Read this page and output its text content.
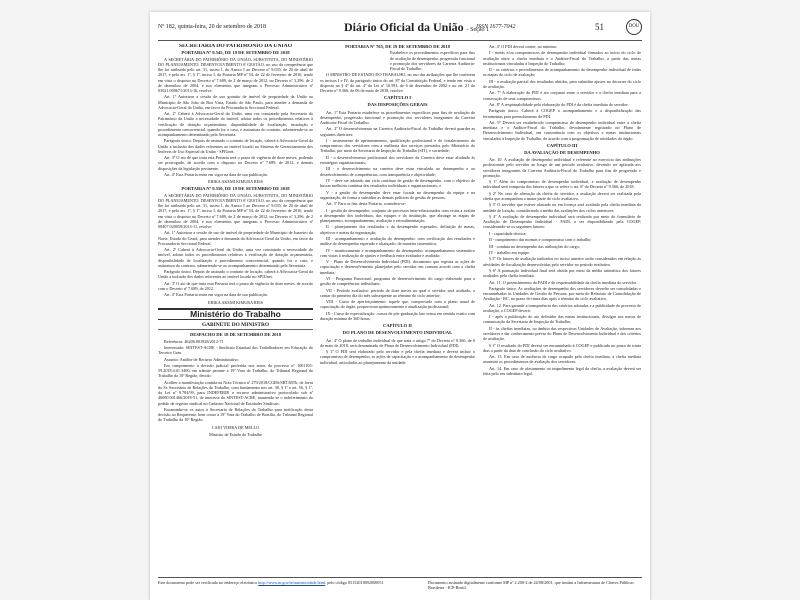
Nº 182, quinta-feira, 20 de setembro de 2018	Diário Oficial da União - Seção 1
ISSN 1677-7042	51	DOU

SECRETARIA DO PATRIMÔNIO DA UNIÃO

PORTARIA Nº 9.545, DE 19 DE SETEMBRO DE 2018

A SECRETÁRIA DO PATRIMÔNIO DA UNIÃO, SUBSTITUTA, DO MINISTÉRIO DO PLANEJAMENTO, DESENVOLVIMENTO E GESTÃO, no uso da competência que lhe foi atribuída pelo art. 31, inciso I, do Anexo I ao Decreto nº 9.035, de 20 de abril de 2017, e pelo art. 1º, § 1º, inciso I, da Portaria MP nº 54, de 22 de fevereiro de 2016, tendo em vista o disposto no Decreto nº 7.689, de 2 de março de 2012, no Decreto nº 3.296, de 2 de dezembro de 2004, e nos elementos que integram o Processo Administrativo nº 03021.000671/2013-16, resolve:

Art. 1º Autorizar a cessão de uso gratuito de imóvel de propriedade da União ao Município de São João da Boa Vista, Estado de São Paulo, para atender a demanda de Advocacia-Geral da União, em favor da Procuradoria Seccional Federal.

Art. 2º Caberá à Advocacia-Geral da União, uma vez constatado pela Secretaria do Patrimônio da União a necessidade do imóvel, adotar todos os procedimentos relativos à verificação de dotação orçamentária, disponibilidade de localização, instalação e procedimento concorrencial, quando for o caso, e assinatura do contrato, submetendo-se ao acompanhamento determinado pela Secretaria.

Parágrafo único. Depois de assinado o contrato de locação, caberá à Advocacia-Geral da União a inclusão dos dados referentes ao imóvel locado no Sistema de Gerenciamento dos Imóveis de Uso Especial da União - SPIUnet.

Art. 3º O ato de que trata esta Portaria terá o prazo de vigência de doze meses, podendo ser prorrogado, de acordo com o disposto no Decreto nº 7.689, de 2012, e demais disposições da legislação pertinente.

Art. 4º Esta Portaria entra em vigor na data de sua publicação.

ERIKA AKEMI KIMURA REIS

PORTARIA Nº 9.550, DE 19 DE SETEMBRO DE 2018

A SECRETÁRIA DO PATRIMÔNIO DA UNIÃO, SUBSTITUTA, DO MINISTÉRIO DO PLANEJAMENTO, DESENVOLVIMENTO E GESTÃO, no uso da competência que lhe foi atribuída pelo art. 31, inciso I, do Anexo I ao Decreto nº 9.035, de 20 de abril de 2017, e pelo art. 1º, § 1º, inciso I, da Portaria MP nº 54, de 22 de fevereiro de 2016, tendo em vista o disposto no Decreto nº 7.689, de 2 de março de 2012, no Decreto nº 3.296, de 2 de dezembro de 2004, e nos elementos que integram o Processo Administrativo nº 00407.020059/2013-11, resolve:

Art. 1º Autorizar a cessão de uso de imóvel de propriedade do Município de Juazeiro do Norte, Estado do Ceará, para atender a demanda da Advocacia-Geral da União, em favor da Procuradoria Seccional Federal.

Art. 2º Caberá à Advocacia-Geral da União, uma vez constatada a necessidade do imóvel, adotar todos os procedimentos relativos à verificação de dotação orçamentária, disponibilidade de localização e procedimento concorrencial, quando for o caso, e assinatura do contrato, submetendo-se ao acompanhamento determinado pela Secretaria.

Parágrafo único. Depois de assinado o contrato de locação, caberá à Advocacia-Geral da União a inclusão dos dados referentes ao imóvel locado no SPIUnet.

Art. 3º O ato de que trata esta Portaria terá o prazo de vigência de doze meses, de acordo com o Decreto nº 7.689, de 2012.

Art. 4º Esta Portaria entra em vigor na data de sua publicação.

ERIKA AKEMI KIMURA REIS

Ministério do Trabalho
GABINETE DO MINISTRO

DESPACHO DE 18 DE SETEMBRO DE 2018

Referência: 46206.001828/2012-71

Interessado: SINTEST-ACRE - Sindicato Estadual dos Trabalhadores em Educação do Terceiro Grau

Assunto: Análise de Recurso Administrativo

Em cumprimento à decisão judicial proferida nos autos do processo nº 1001105-59.2018.4.01.3400, em trâmite perante a 19ª Vara do Trabalho, do Tribunal Regional do Trabalho da 10ª Região, decido:

Acolher a manifestação contida na Nota Técnica nº 279/2018/CGRS/SRT/MTb, de lavra do Sr. Secretário de Relações do Trabalho, com fundamento nos art. 38, § 1º e art. 56, § 1º, da Lei nº 9.784/99, para INDEFERIR o recurso administrativo protocolado sob nº 46000.001466/2018-51, de interesse do SINTEST-ACRE, mantendo-se o indeferimento do pedido de registro sindical no Cadastro Nacional de Entidades Sindicais.

Encaminhe-se os autos à Secretaria de Relações do Trabalho para notificação desta decisão ao Requerente, bem como à 19ª Vara do Trabalho de Brasília, do Tribunal Regional do Trabalho da 10ª Região.

CAIO VIEIRA DE MELLO

Ministro de Estado do Trabalho

PORTARIA Nº 765, DE 19 DE SETEMBRO DE 2018

Estabelece os procedimentos específicos para fins de avaliação de desempenho, progressão funcional e promoção dos servidores da Carreira Auditoria-Fiscal do Trabalho.

O MINISTRO DE ESTADO DO TRABALHO, no uso das atribuições que lhe conferem os incisos I e IV, do parágrafo único do art. 87 da Constituição Federal, e tendo em vista o disposto no § 4º do art. 4º da Lei nº 10.593, de 6 de dezembro de 2002 e no art. 21 do Decreto nº 9.366, de 06 de maio de 2018, resolve:

CAPÍTULO I

DAS DISPOSIÇÕES GERAIS

Art. 1º Esta Portaria estabelece os procedimentos específicos para fins de avaliação de desempenho, progressão funcional e promoção dos servidores integrantes da Carreira Auditoria-Fiscal do Trabalho.

Art. 2º O desenvolvimento na Carreira Auditoria-Fiscal do Trabalho deverá guardar as seguintes diretrizes:

I - instrumento de aprimoramento, qualificação profissional e de fortalecimento do compromisso dos servidores com a melhoria dos serviços prestados pelo Ministério do Trabalho, por meio da Secretaria de Inspeção do Trabalho (SIT), e sociedade;

II - o desenvolvimento profissional dos servidores da Carreira deve estar alinhado às estratégias organizacionais;

III - o desenvolvimento na carreira deve estar vinculado ao desempenho e ao desenvolvimento de competências, com transparência e objetividade;

IV - deve ser adotado um ciclo contínuo de gestão de desempenho, com o objetivo de buscar melhoria contínua dos resultados individuais e organizacionais; e

V - a gestão do desempenho deve estar focada no desempenho da equipe e na organização, de forma a subsidiar as demais políticas de gestão de pessoas.

Art. 3º Para os fins desta Portaria, considera-se:

I - gestão do desempenho: conjunto de processos inter-relacionados com vistas a avaliar o desempenho dos indivíduos, das equipes e da instituição, que abrange as etapas de planejamento, acompanhamento, avaliação e retroalimentação;

II - planejamento dos resultados e do desempenho esperados: definição de metas, objetivos e metas da organização;

III - acompanhamento e avaliação do desempenho: com verificação dos resultados e análise do desempenho esperado e alcançado, de maneira sistemática;

IV - monitoramento e acompanhamento do desempenho: acompanhamento sistemático com vistas à realização de ajustes e feedback entre avaliador e avaliado;

V - Plano de Desenvolvimento Individual (PDI): documento que registra as ações de capacitação e desenvolvimento planejadas pelo servidor em comum acordo com a chefia imediata;

VI - Programa Funcional: programa de desenvolvimento do cargo elaborado para a gestão de competências individuais;

VII - Período avaliativo: período de doze meses no qual o servidor será avaliado, a contar do primeiro dia do mês subsequente ao término do ciclo anterior;

VIII - Curso de aperfeiçoamento: aquele que, comprovado com o plano anual de capacitação do órgão, proporciona aprimoramento e atualização profissional;

IX - Curso de especialização: cursos de pós-graduação lato sensu em sentido estrito com duração mínima de 360 horas;

CAPÍTULO II

DO PLANO DE DESENVOLVIMENTO INDIVIDUAL

Art. 4º O plano de trabalho individual de que trata o artigo 7º do Decreto nº 9.366, de 6 de maio de 2018, será denominado de Plano de Desenvolvimento Individual (PDI).

§ 1º O PDI será elaborado pelo servidor e pela chefia imediata e deverá incluir o compromisso de desempenho, as ações de capacitação e o acompanhamento do desempenho individual, articulados ao planejamento da unidade.

Art. 4º O PDI deverá conter, no mínimo:

I - metas e/ou compromissos de desempenho individual firmados ao início do ciclo de avaliação entre a chefia imediata e o Auditor-Fiscal do Trabalho, a partir das metas institucionais vinculadas à Inspeção do Trabalho;

II - os critérios e procedimentos de acompanhamento do desempenho individual de todas as etapas do ciclo de avaliação;

III - a avaliação parcial dos resultados obtidos, para subsidiar ajustes no decorrer do ciclo de avaliação.

Art. 7º A elaboração do PDI é ato conjunto entre o servidor e a chefia imediata para a consecução de seus compromissos.

Art. 8º A responsabilidade pela elaboração do PDI é da chefia imediata do servidor.

Parágrafo único. Caberá à COGEP o acompanhamento e a disponibilização das ferramentas para preenchimento do PDI.

Art. 9º Deverá ser estabelecido compromisso de desempenho individual entre a chefia imediata e o Auditor-Fiscal do Trabalho, devidamente registrado no Plano de Desenvolvimento Individual, em consonância com os objetivos e metas institucionais vinculados à Inspeção do Trabalho, de acordo com a programação de atividades do órgão.

CAPÍTULO III

DA AVALIAÇÃO DE DESEMPENHO

Art. 10. A avaliação de desempenho individual e referente ao exercício das atribuições profissionais pelo servidor ao longo de um período avaliativo, devendo ser aplicada aos servidores integrantes da Carreira Auditoria-Fiscal do Trabalho para fins de progressão e promoção.

§ 1º Além do compromisso de desempenho individual, a avaliação de desempenho individual será composta dos fatores a que se refere o art. 6º do Decreto nº 9.366, de 2018.

§ 2º No caso de alteração da chefia do servidor, a avaliação deverá ser realizada pela chefia que acompanhou a maior parte do ciclo avaliativo.

§ 3º O servidor que estiver afastado ou em licença será avaliado pela chefia imediata da unidade de lotação, considerando a média das avaliações dos ciclos anteriores.

§ 4º A avaliação de desempenho individual será realizada por meio do formulário de Avaliação de Desempenho Individual - FADI, a ser disponibilizado pela COGEP, considerando-se os seguintes fatores:

I - capacidade técnica;

II - cumprimento das normas e compromisso com o trabalho;

III - conduta no desempenho das atribuições do cargo;

IV - trabalho em equipe.

§ 5º Os fatores de avaliação indicados no inciso anterior serão considerados em relação às atividades de fiscalização desenvolvidas pelo servidor no período avaliativo.

§ 6º A pontuação individual final será obtida por meio da média aritmética dos fatores avaliados pela chefia imediata.

Art. 11. O preenchimento da FADI e de responsabilidade da chefia imediata do servidor.

Parágrafo único. As avaliações de desempenho dos servidores deverão ser consolidadas e encaminhadas às Unidades de Gestão de Pessoas, por meio do Relatório de Consolidação de Avaliação - RC, no prazo de trinta dias após o término do ciclo avaliativo.

Art. 12. Para garantir a transparência dos critérios adotados e a publicidade do processo de avaliação, a COGEP deverá:

I - após a publicação do ato definidor das metas institucionais, divulgar nos meios de comunicação da Secretaria de Inspeção do Trabalho;

II - às chefias imediatas, no âmbito das respectivas Unidades de Avaliação, informar aos servidores e dar conhecimento prévio do Plano de Desenvolvimento Individual e dos critérios de avaliação.

§ 1º O resultado do PDI deverá ser encaminhado à COGEP e publicado no prazo de trinta dias a partir da data de conclusão do ciclo avaliativo.

Art. 13. Em caso de ausência de cargo ocupado pela chefia imediata, a chefia mediata assumirá os procedimentos de avaliação dos servidores.

Art. 14. Em caso de afastamento ou impedimento legal da chefia, a avaliação deverá ser feita pelo seu substituto legal.

Este documento pode ser verificado no endereço eletrônico http://www.in.gov.br/autenticidade.html, pelo código 05152018092000051	Documento assinado digitalmente conforme MP nº 2.200-2 de 24/08/2001, que institui a Infraestrutura de Chaves Públicas Brasileira - ICP-Brasil.
